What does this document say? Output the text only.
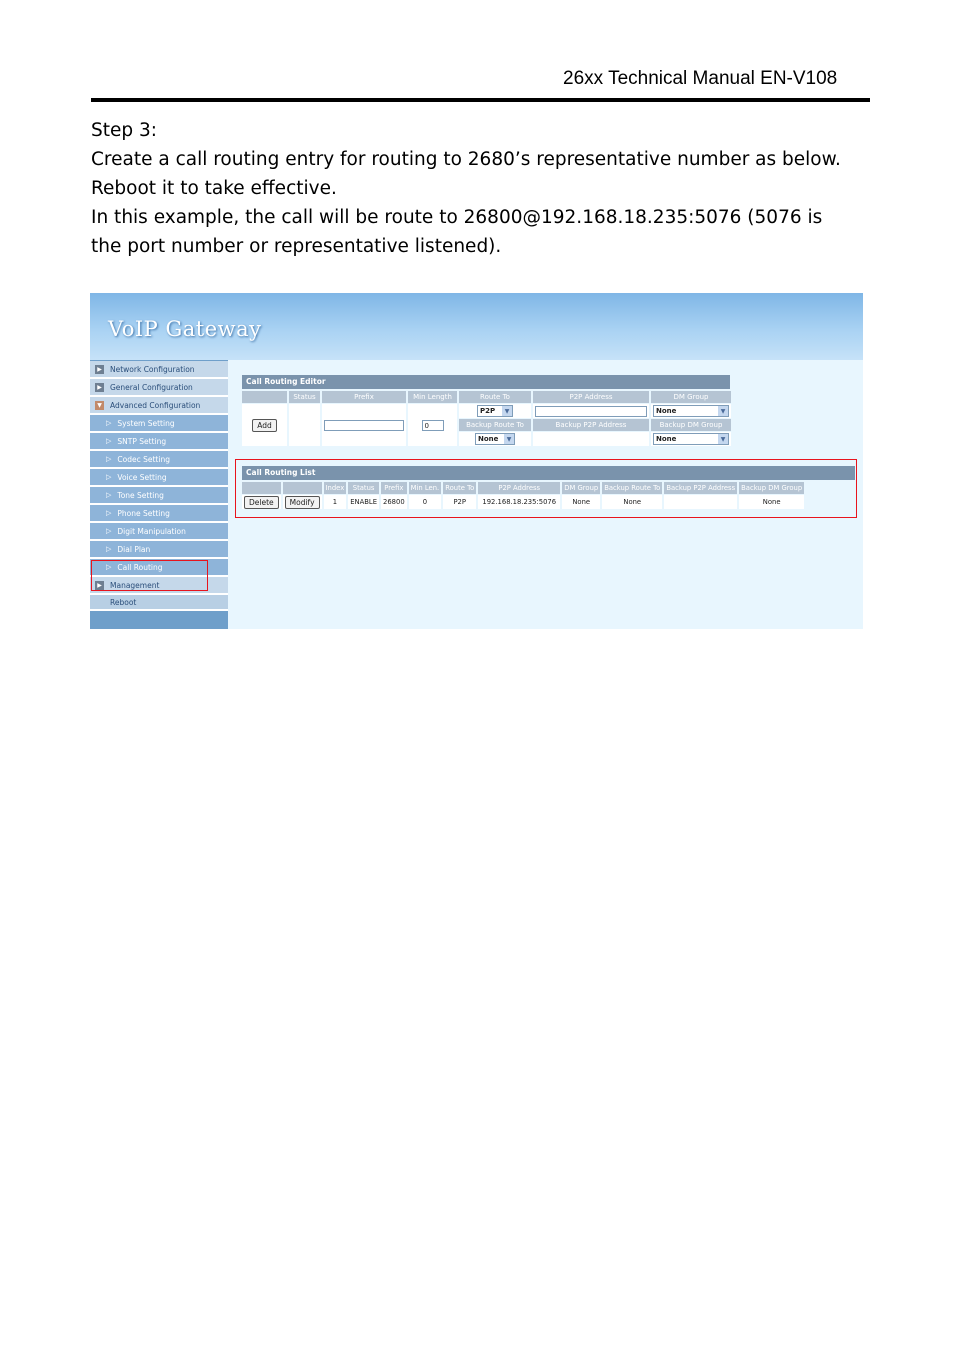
26xx Technical Manual EN-V108

Step 3:

Create a call routing entry for routing to 2680’s representative number as below.

Reboot it to take effective.

In this example, the call will be route to 26800@192.168.18.235:5076 (5076 is

the port number or representative listened).

VoIP Gateway
▶ Network Configuration
▶ General Configuration
▼ Advanced Configuration
▷ System Setting
▷ SNTP Setting
▷ Codec Setting
▷ Voice Setting
▷ Tone Setting
▷ Phone Setting
▷ Digit Manipulation
▷ Dial Plan
▷ Call Routing
▶ Management
Reboot
Call Routing Editor
	Status	Prefix	Min Length	Route To	P2P Address	DM Group
Add			0	P2P ▼		None ▼

				Backup Route To	Backup P2P Address	Backup DM Group

				None ▼		None ▼
Call Routing List
		Index	Status	Prefix	Min Len.	Route To	P2P Address	DM Group	Backup Route To	Backup P2P Address	Backup DM Group
Delete	Modify	1	ENABLE	26800	0	P2P	192.168.18.235:5076	None	None		None
